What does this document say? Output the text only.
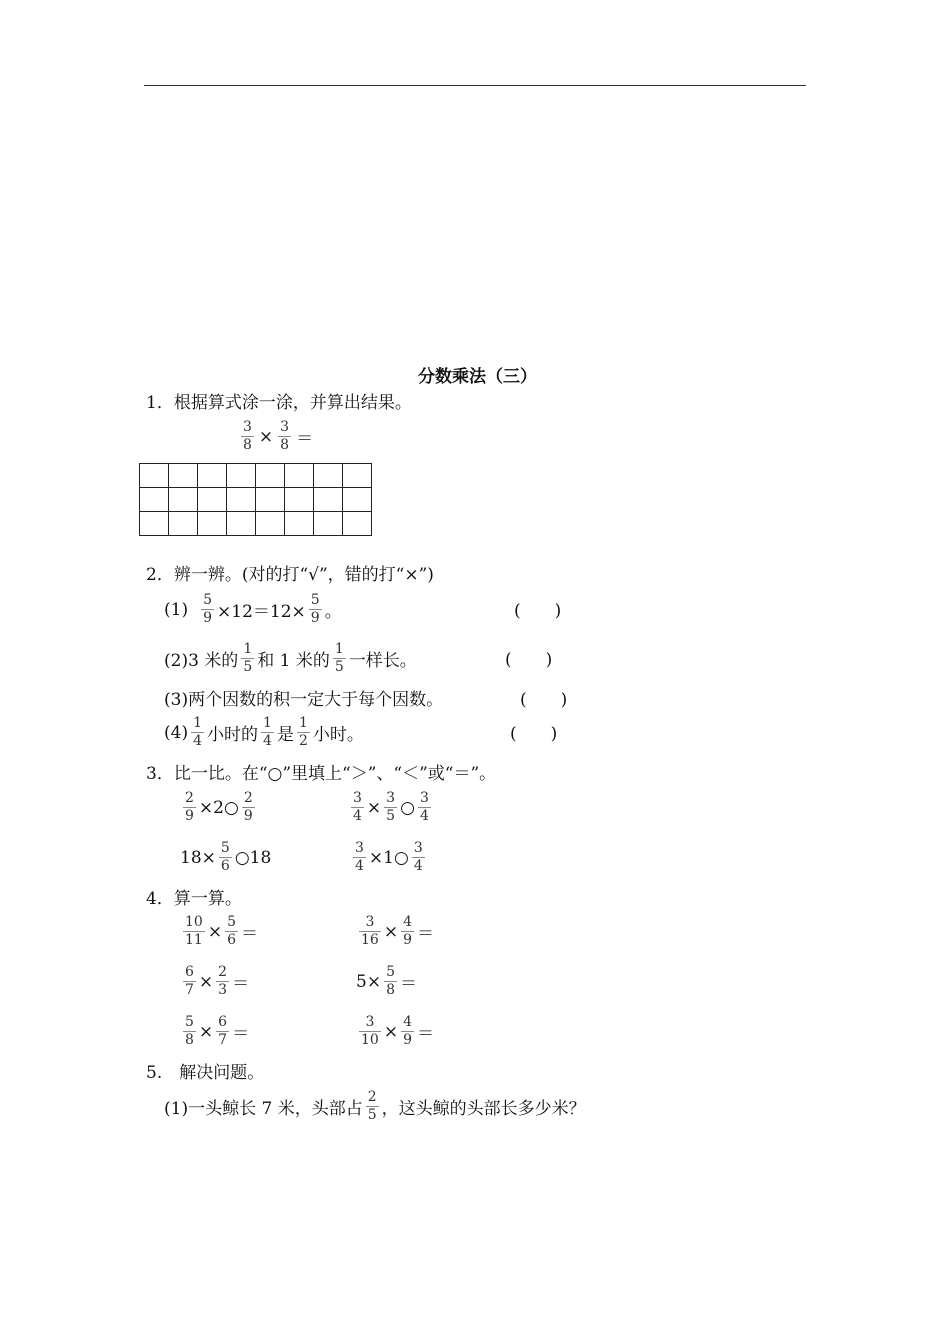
分数乘法（三）
1．根据算式涂一涂，并算出结果。
$\frac{3}{8} \times \frac{3}{8}$ ＝

2．辨一辨。(对的打“√”，错的打“×”)
$(1) \frac{5}{9} \times 12=12\times \frac{5}{9}$ 。	(　　)
(2)3 米的 $\frac{1}{5}$ 和 1 米的 $\frac{1}{5}$ 一样长。	(　　)
(3)两个因数的积一定大于每个因数。	(　　)
$(4) \frac{1}{4}$ 小时的 $\frac{1}{4}$ 是 $\frac{1}{2}$ 小时。	(　　)
3．比一比。在“○”里填上“＞”、“＜”或“＝”。
$\frac{2}{9}$ ×2○ $\frac{2}{9}$	$\frac{3}{4} \times \frac{3}{5}$ ○ $\frac{3}{4}$
$18\times \frac{5}{6}$ ○18	$\frac{3}{4}$ ×1○ $\frac{3}{4}$
4．算一算。
$\frac{10}{11} \times \frac{5}{6}$ ＝	$\frac{3}{16} \times \frac{4}{9}$ ＝
$\frac{6}{7} \times \frac{2}{3}$ ＝	$5\times \frac{5}{8}$ ＝
$\frac{5}{8} \times \frac{6}{7}$ ＝	$\frac{3}{10} \times \frac{4}{9}$ ＝
5.　解决问题。
(1)一头鲸长 7 米，头部占 $\frac{2}{5}$ ，这头鲸的头部长多少米？
